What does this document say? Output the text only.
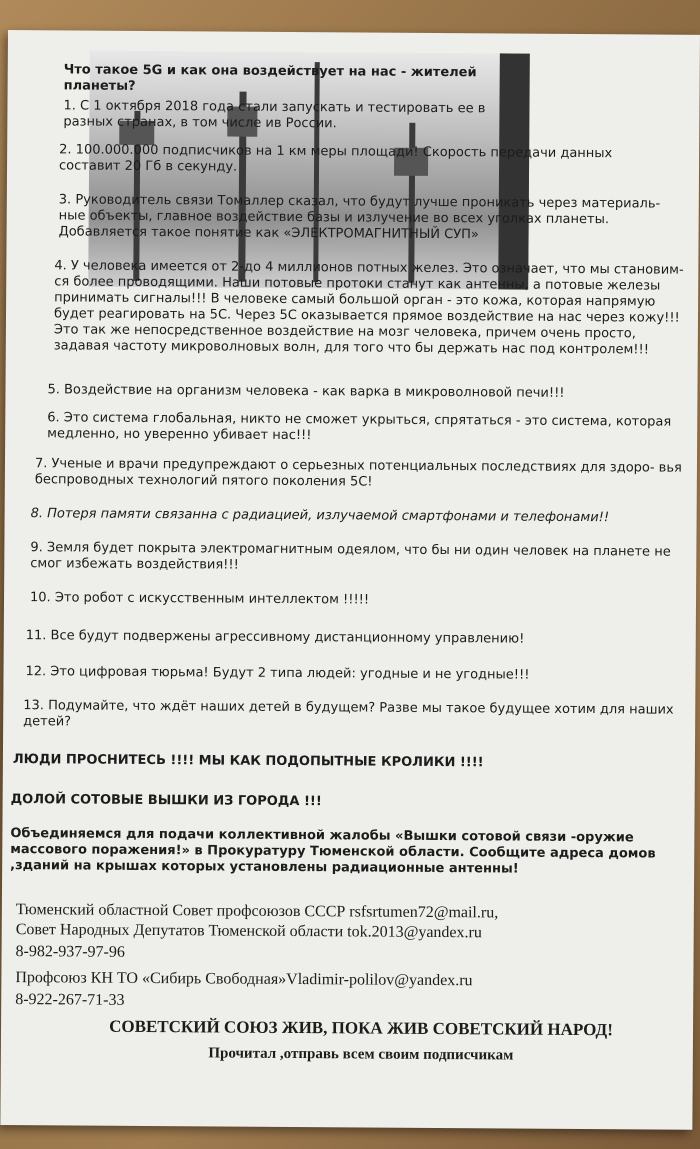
Что такое 5G и как она воздействует на нас - жителей планеты?

1. С 1 октября 2018 года стали запускать и тестировать ее в разных странах, в том числе ив России.

2. 100.000.000 подписчиков на 1 км меры площади! Скорость передачи данных составит 20 Гб в секунду.

3. Руководитель связи Томаллер сказал, что будут лучше проникать через материаль- ные объекты, главное воздействие базы и излучение во всех уголках планеты. Добавляется такое понятие как «ЭЛЕКТРОМАГНИТНЫЙ СУП»

4. У человека имеется от 2-до 4 миллионов потных желез. Это означает, что мы становим- ся более проводящими. Наши потовые протоки станут как антенны, а потовые железы принимать сигналы!!! В человеке самый большой орган - это кожа, которая напрямую будет реагировать на 5С. Через 5С оказывается прямое воздействие на нас через кожу!!! Это так же непосредственное воздействие на мозг человека, причем очень просто, задавая частоту микроволновых волн, для того что бы держать нас под контролем!!!

5. Воздействие на организм человека - как варка в микроволновой печи!!!

6. Это система глобальная, никто не сможет укрыться, спрятаться - это система, которая медленно, но уверенно убивает нас!!!

7. Ученые и врачи предупреждают о серьезных потенциальных последствиях для здоро- вья беспроводных технологий пятого поколения 5С!

8. Потеря памяти связанна с радиацией, излучаемой смартфонами и телефонами!!

9. Земля будет покрыта электромагнитным одеялом, что бы ни один человек на планете не смог избежать воздействия!!!

10. Это робот с искусственным интеллектом !!!!!

11. Все будут подвержены агрессивному дистанционному управлению!

12. Это цифровая тюрьма! Будут 2 типа людей: угодные и не угодные!!!

13. Подумайте, что ждёт наших детей в будущем? Разве мы такое будущее хотим для наших детей?

ЛЮДИ ПРОСНИТЕСЬ !!!! МЫ КАК ПОДОПЫТНЫЕ КРОЛИКИ !!!!

ДОЛОЙ СОТОВЫЕ ВЫШКИ ИЗ ГОРОДА !!!

Объединяемся для подачи коллективной жалобы «Вышки сотовой связи -оружие массового поражения!» в Прокуратуру Тюменской области. Сообщите адреса домов ,зданий на крышах которых установлены радиационные антенны!

Тюменский областной Совет профсоюзов СССР rsfsrtumen72@mail.ru,

Совет Народных Депутатов Тюменской области tok.2013@yandex.ru

8-982-937-97-96

Профсоюз КН ТО «Сибирь Свободная»Vladimir-polilov@yandex.ru

8-922-267-71-33

СОВЕТСКИЙ СОЮЗ ЖИВ, ПОКА ЖИВ СОВЕТСКИЙ НАРОД!

Прочитал ,отправь всем своим подписчикам
